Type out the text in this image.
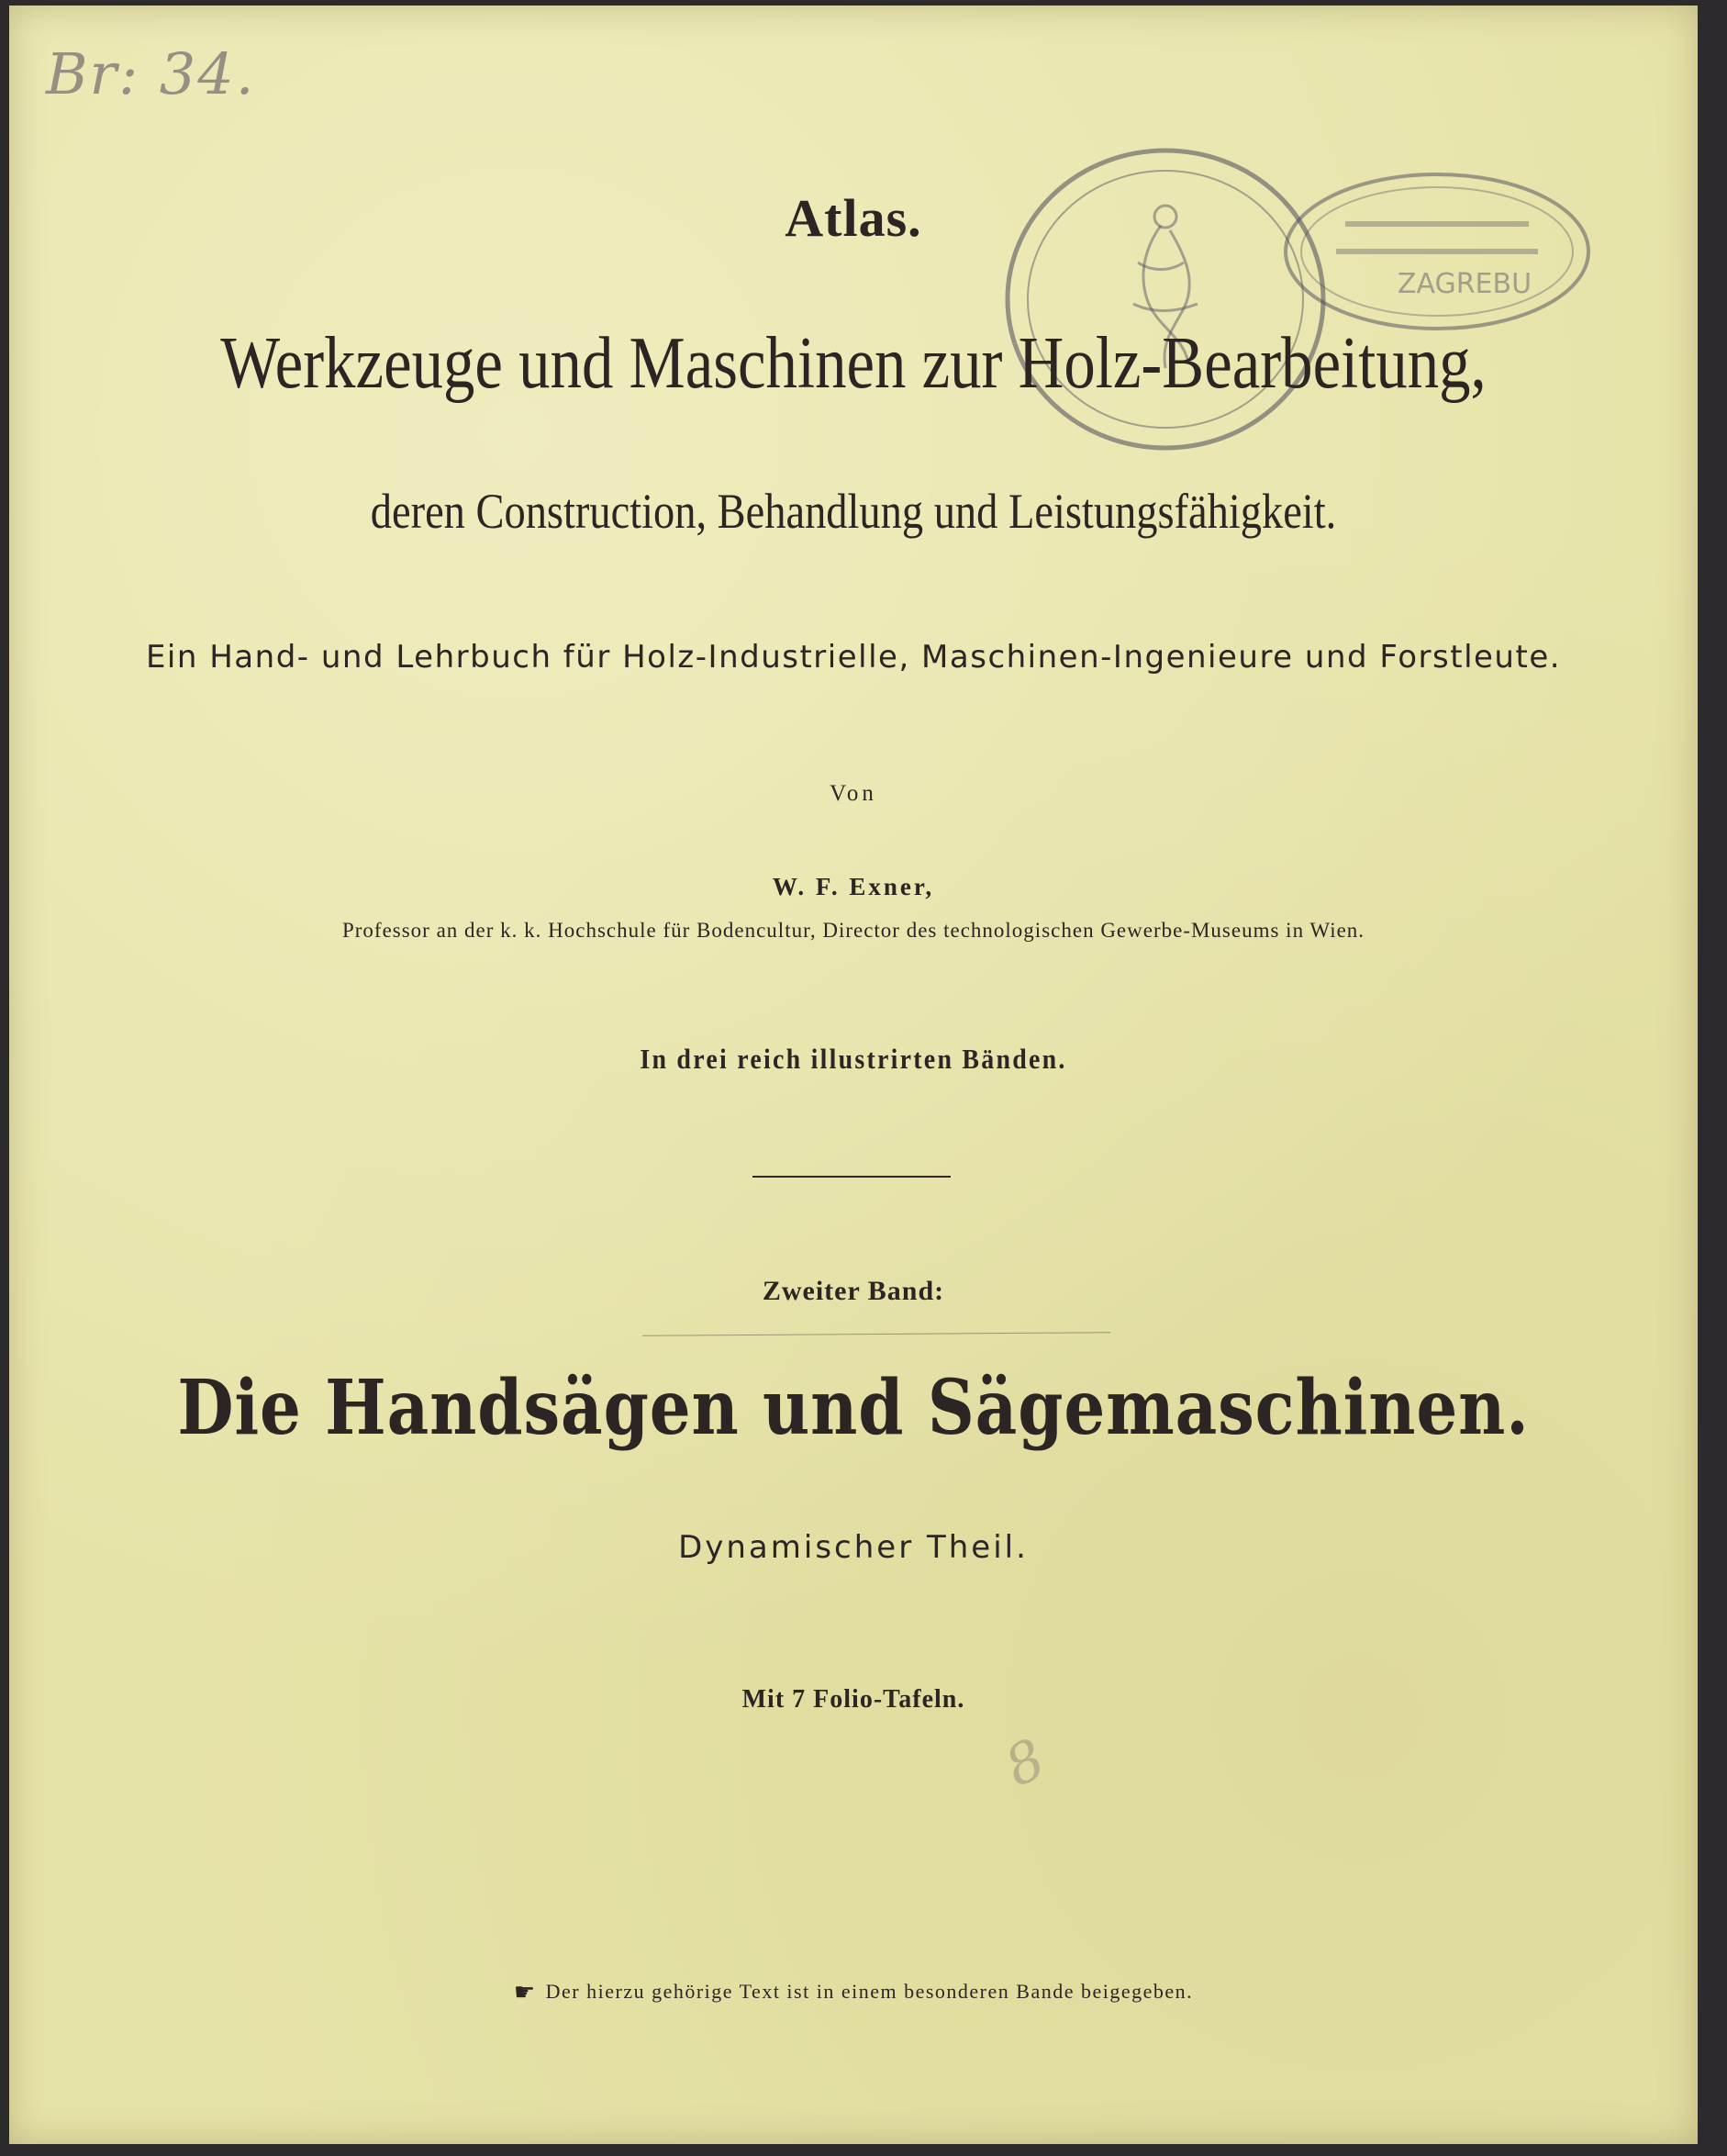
Br: 34.
ZAGREBU
Atlas.
Werkzeuge und Maschinen zur Holz-Bearbeitung,
deren Construction, Behandlung und Leistungsfähigkeit.
Ein Hand- und Lehrbuch für Holz-Industrielle, Maschinen-Ingenieure und Forstleute.
Von
W. F. Exner,
Professor an der k. k. Hochschule für Bodencultur, Director des technologischen Gewerbe-Museums in Wien.
In drei reich illustrirten Bänden.
Zweiter Band:
Die Handsägen und Sägemaschinen.
Dynamischer Theil.
Mit 7 Folio-Tafeln.
8
☛ Der hierzu gehörige Text ist in einem besonderen Bande beigegeben.
